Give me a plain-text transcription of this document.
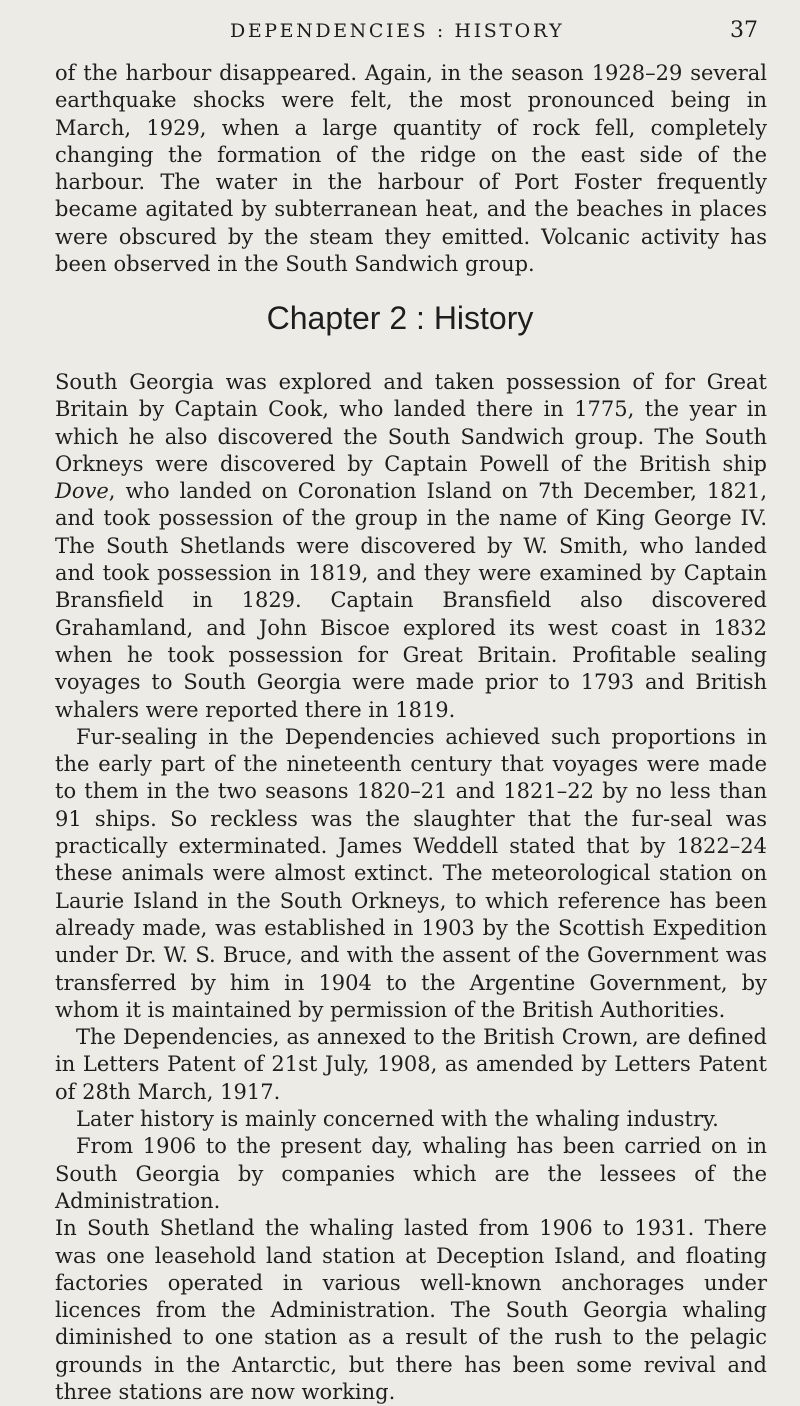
DEPENDENCIES : HISTORY	37

of the harbour disappeared. Again, in the season 1928–29 several earthquake shocks were felt, the most pronounced being in March, 1929, when a large quantity of rock fell, completely changing the formation of the ridge on the east side of the harbour. The water in the harbour of Port Foster frequently became agitated by subterranean heat, and the beaches in places were obscured by the steam they emitted. Volcanic activity has been observed in the South Sandwich group.

Chapter 2 : History

South Georgia was explored and taken possession of for Great Britain by Captain Cook, who landed there in 1775, the year in which he also discovered the South Sandwich group. The South Orkneys were discovered by Captain Powell of the British ship Dove, who landed on Coronation Island on 7th December, 1821, and took possession of the group in the name of King George IV. The South Shetlands were discovered by W. Smith, who landed and took possession in 1819, and they were examined by Captain Bransfield in 1829. Captain Bransfield also discovered Grahamland, and John Biscoe explored its west coast in 1832 when he took possession for Great Britain. Profitable sealing voyages to South Georgia were made prior to 1793 and British whalers were reported there in 1819.

Fur-sealing in the Dependencies achieved such proportions in the early part of the nineteenth century that voyages were made to them in the two seasons 1820–21 and 1821–22 by no less than 91 ships. So reckless was the slaughter that the fur-seal was practically exterminated. James Weddell stated that by 1822–24 these animals were almost extinct. The meteorological station on Laurie Island in the South Orkneys, to which reference has been already made, was established in 1903 by the Scottish Expedition under Dr. W. S. Bruce, and with the assent of the Government was transferred by him in 1904 to the Argentine Government, by whom it is maintained by permission of the British Authorities.

The Dependencies, as annexed to the British Crown, are defined in Letters Patent of 21st July, 1908, as amended by Letters Patent of 28th March, 1917.

Later history is mainly concerned with the whaling industry.

From 1906 to the present day, whaling has been carried on in South Georgia by companies which are the lessees of the Administration.

In South Shetland the whaling lasted from 1906 to 1931. There was one leasehold land station at Deception Island, and floating factories operated in various well-known anchorages under licences from the Administration. The South Georgia whaling diminished to one station as a result of the rush to the pelagic grounds in the Antarctic, but there has been some revival and three stations are now working.
